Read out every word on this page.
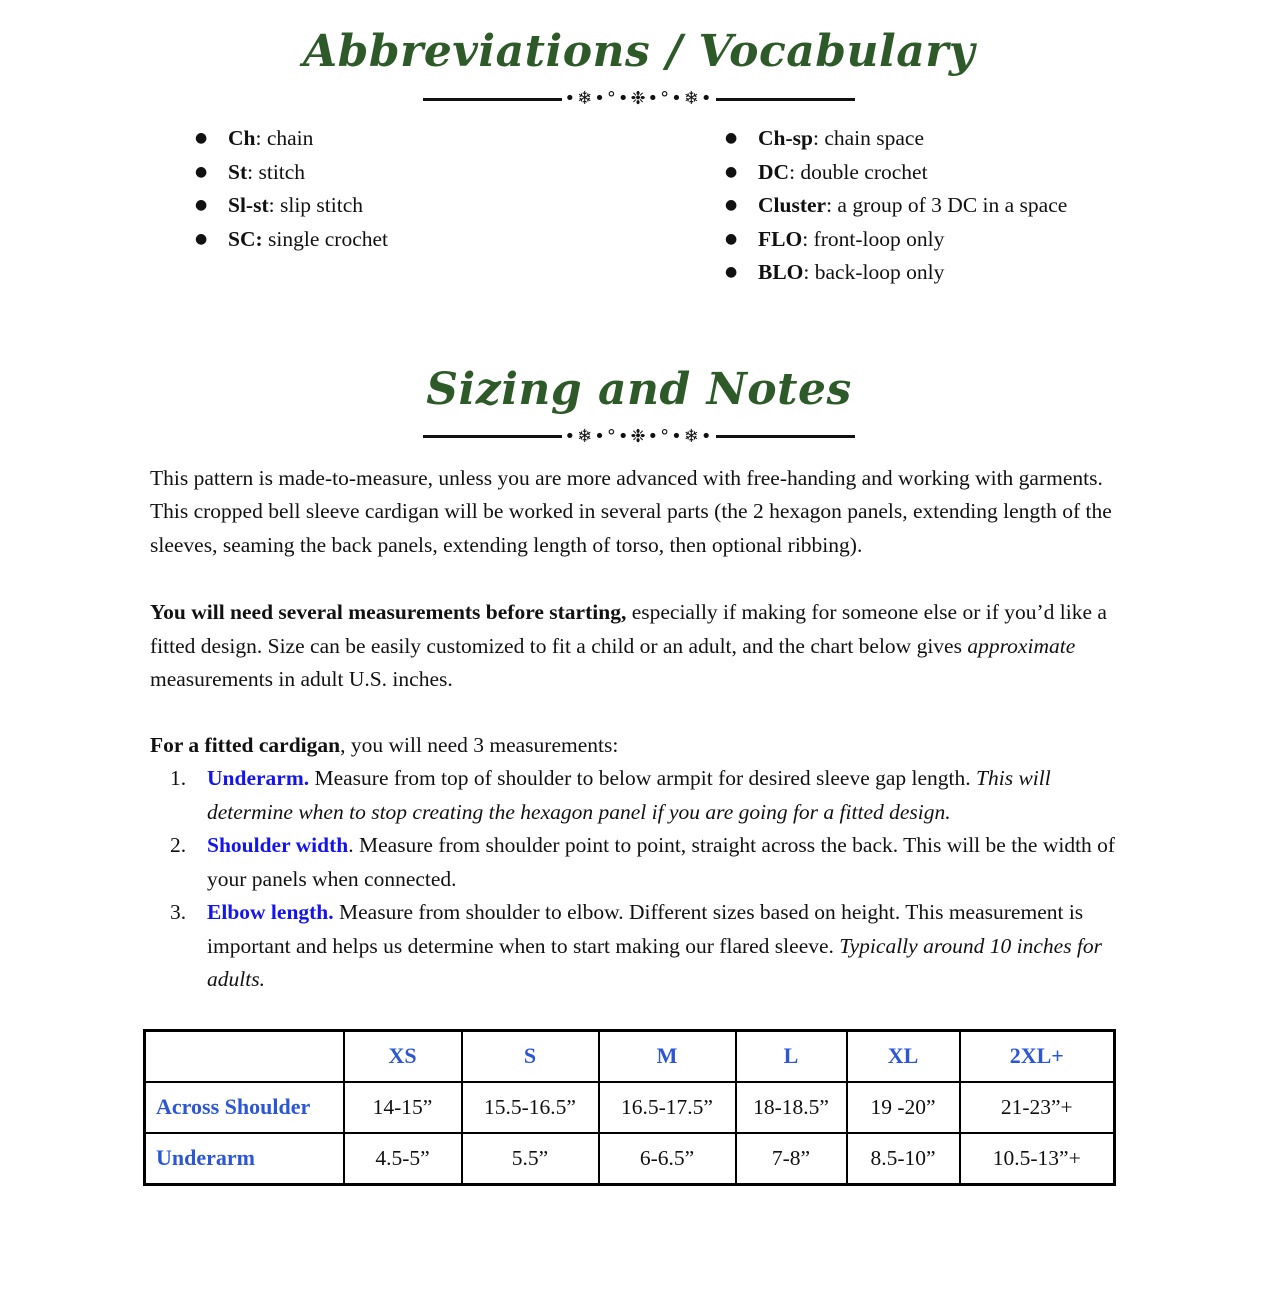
Abbreviations / Vocabulary
•❄•°•❉•°•❄•
● Ch: chain
● St: stitch
● Sl-st: slip stitch
● SC: single crochet
● Ch-sp: chain space
● DC: double crochet
● Cluster: a group of 3 DC in a space
● FLO: front-loop only
● BLO: back-loop only
Sizing and Notes
•❄•°•❉•°•❄•

This pattern is made-to-measure, unless you are more advanced with free-handing and working with garments. This cropped bell sleeve cardigan will be worked in several parts (the 2 hexagon panels, extending length of the sleeves, seaming the back panels, extending length of torso, then optional ribbing).

You will need several measurements before starting, especially if making for someone else or if you’d like a fitted design. Size can be easily customized to fit a child or an adult, and the chart below gives approximate measurements in adult U.S. inches.

For a fitted cardigan, you will need 3 measurements:

1. Underarm. Measure from top of shoulder to below armpit for desired sleeve gap length. This will determine when to stop creating the hexagon panel if you are going for a fitted design.
2. Shoulder width. Measure from shoulder point to point, straight across the back. This will be the width of your panels when connected.
3. Elbow length. Measure from shoulder to elbow. Different sizes based on height. This measurement is important and helps us determine when to start making our flared sleeve. Typically around 10 inches for adults.
	XS	S	M	L	XL	2XL+
Across Shoulder	14-15”	15.5-16.5”	16.5-17.5”	18-18.5”	19 -20”	21-23”+
Underarm	4.5-5”	5.5”	6-6.5”	7-8”	8.5-10”	10.5-13”+
